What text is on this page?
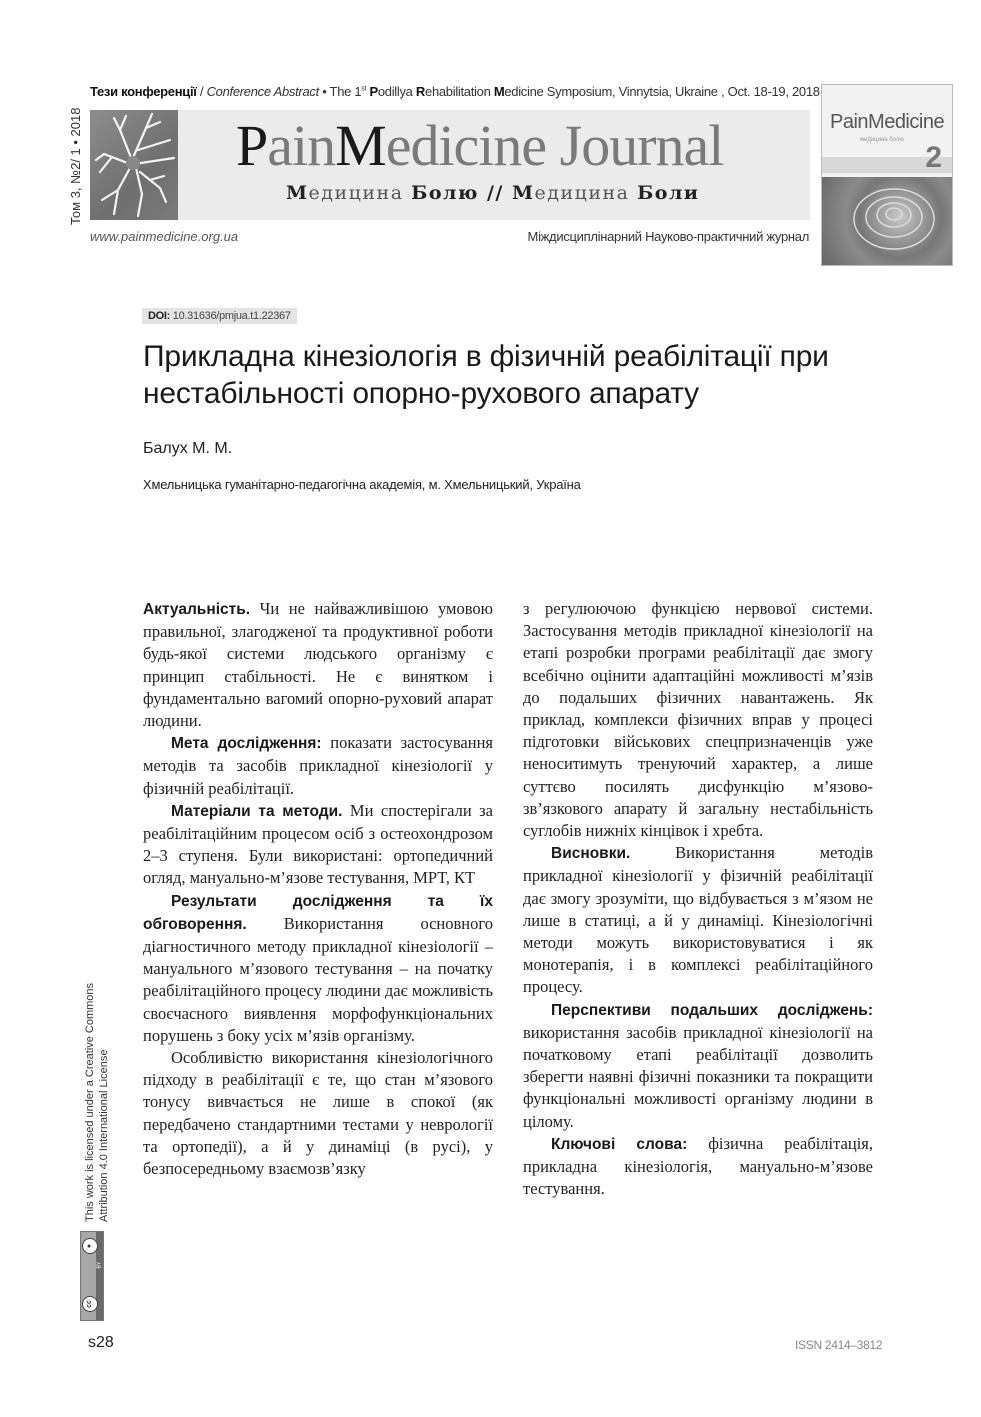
Тези конференції / Conference Abstract • The 1st Podillya Rehabilitation Medicine Symposium, Vinnytsia, Ukraine , Oct. 18-19, 2018
Том 3, №2/ 1 • 2018	PainMedicine Journal
Медицина Болю // Медицина Боли
www.painmedicine.org.ua	Міждисциплінарний Науково-практичний журнал
PainMedicine
медицина болю
2
DOI: 10.31636/pmjua.t1.22367
Прикладна кінезіологія в фізичній реабілітації при нестабільності опорно-рухового апарату
Балух М. М.
Хмельницька гуманітарно-педагогічна академія, м. Хмельницький, Україна

Актуальність. Чи не найважливішою умовою правильної, злагодженої та продуктивної роботи будь-якої системи людського організму є принцип стабільності. Не є винятком і фундаментально вагомий опорно-руховий апарат людини.

Мета дослідження: показати застосування методів та засобів прикладної кінезіології у фізичній реабілітації.

Матеріали та методи. Ми спостерігали за реабілітаційним процесом осіб з остеохондрозом 2–3 ступеня. Були використані: ортопедичний огляд, мануально-м’язове тестування, МРТ, КТ

Результати дослідження та їх обговорення. Використання основного діагностичного методу прикладної кінезіології – мануального м’язового тестування – на початку реабілітаційного процесу людини дає можливість своєчасного виявлення морфофункціональних порушень з боку усіх м’язів організму.

Особливістю використання кінезіологічного підходу в реабілітації є те, що стан м’язового тонусу вивчається не лише в спокої (як передбачено стандартними тестами у неврології та ортопедії), а й у динаміці (в русі), у безпосередньому взаємозв’язку

з регулюючою функцією нервової системи. Застосування методів прикладної кінезіології на етапі розробки програми реабілітації дає змогу всебічно оцінити адаптаційні можливості м’язів до подальших фізичних навантажень. Як приклад, комплекси фізичних вправ у процесі підготовки військових спецпризначенців уже неноситимуть тренуючий характер, а лише суттєво посилять дисфункцію м’язово-зв’язкового апарату й загальну нестабільність суглобів нижніх кінцівок і хребта.

Висновки. Використання методів прикладної кінезіології у фізичній реабілітації дає змогу зрозуміти, що відбувається з м’язом не лише в статиці, а й у динаміці. Кінезіологічні методи можуть використовуватися і як монотерапія, і в комплексі реабілітаційного процесу.

Перспективи подальших досліджень: використання засобів прикладної кінезіології на початковому етапі реабілітації дозволить зберегти наявні фізичні показники та покращити функціональні можливості організму людини в цілому.

Ключові слова: фізична реабілітація, прикладна кінезіологія, мануально-м’язове тестування.

●
cc
BY
This work is licensed under a Creative Commons Attribution 4.0 International License
s28	ISSN 2414–3812
